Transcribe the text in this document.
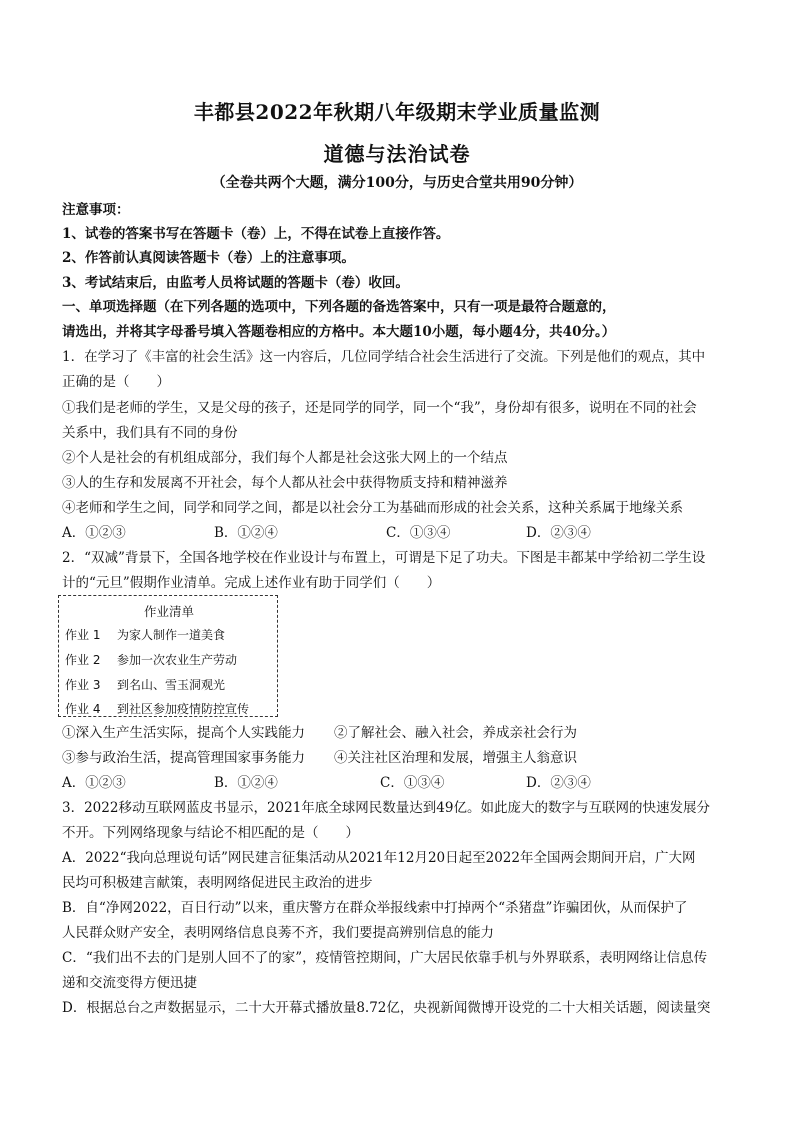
丰都县2022年秋期八年级期末学业质量监测
道德与法治试卷
（全卷共两个大题，满分100分，与历史合堂共用90分钟）
注意事项：
1、试卷的答案书写在答题卡（卷）上，不得在试卷上直接作答。
2、作答前认真阅读答题卡（卷）上的注意事项。
3、考试结束后，由监考人员将试题的答题卡（卷）收回。
一、单项选择题（在下列各题的选项中，下列各题的备选答案中，只有一项是最符合题意的，
请选出，并将其字母番号填入答题卷相应的方格中。本大题10小题，每小题4分，共40分。）
1．在学习了《丰富的社会生活》这一内容后，几位同学结合社会生活进行了交流。下列是他们的观点，其中
正确的是（　　）
①我们是老师的学生，又是父母的孩子，还是同学的同学，同一个“我”，身份却有很多，说明在不同的社会
关系中，我们具有不同的身份
②个人是社会的有机组成部分，我们每个人都是社会这张大网上的一个结点
③人的生存和发展离不开社会，每个人都从社会中获得物质支持和精神滋养
④老师和学生之间，同学和同学之间，都是以社会分工为基础而形成的社会关系，这种关系属于地缘关系
A．①②③	B．①②④	C．①③④	D．②③④
2．“双减”背景下，全国各地学校在作业设计与布置上，可谓是下足了功夫。下图是丰都某中学给初二学生设
计的“元旦”假期作业清单。完成上述作业有助于同学们（　　）
作业清单
作业 1 为家人制作一道美食
作业 2 参加一次农业生产劳动
作业 3 到名山、雪玉洞观光
作业 4 到社区参加疫情防控宣传
①深入生产生活实际，提高个人实践能力 ②了解社会、融入社会，养成亲社会行为
③参与政治生活，提高管理国家事务能力 ④关注社区治理和发展，增强主人翁意识
A．①②③	B．①②④	C．①③④	D．②③④
3．2022移动互联网蓝皮书显示，2021年底全球网民数量达到49亿。如此庞大的数字与互联网的快速发展分
不开。下列网络现象与结论不相匹配的是（　　）
A．2022“我向总理说句话”网民建言征集活动从2021年12月20日起至2022年全国两会期间开启，广大网
民均可积极建言献策，表明网络促进民主政治的进步
B．自“净网2022，百日行动”以来，重庆警方在群众举报线索中打掉两个“杀猪盘”诈骗团伙，从而保护了
人民群众财产安全，表明网络信息良莠不齐，我们要提高辨别信息的能力
C．“我们出不去的门是别人回不了的家”，疫情管控期间，广大居民依靠手机与外界联系，表明网络让信息传
递和交流变得方便迅捷
D．根据总台之声数据显示，二十大开幕式播放量8.72亿，央视新闻微博开设党的二十大相关话题，阅读量突
